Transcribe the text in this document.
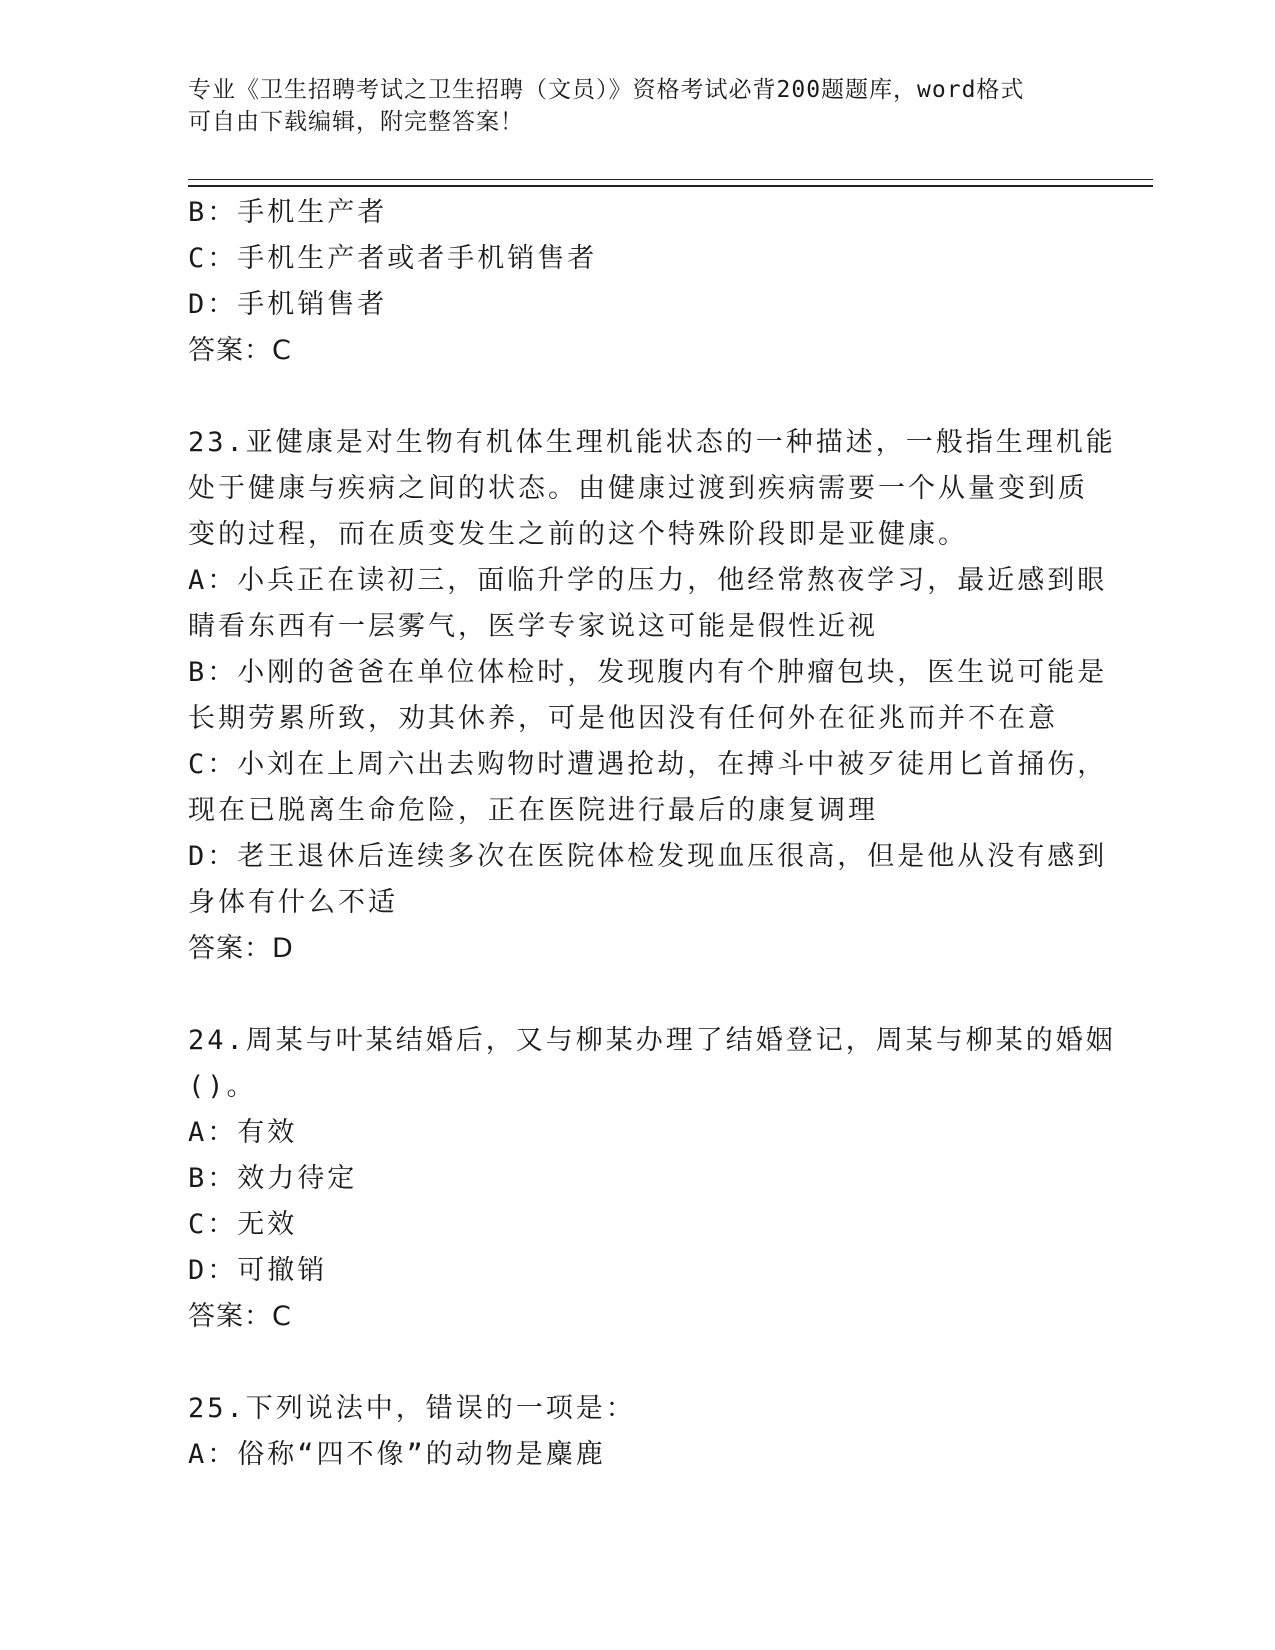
专业《卫生招聘考试之卫生招聘（文员）》资格考试必背200题题库，word格式
可自由下载编辑，附完整答案！
B：手机生产者
C：手机生产者或者手机销售者
D：手机销售者
答案：C
23.亚健康是对生物有机体生理机能状态的一种描述，一般指生理机能
处于健康与疾病之间的状态。由健康过渡到疾病需要一个从量变到质
变的过程，而在质变发生之前的这个特殊阶段即是亚健康。
A：小兵正在读初三，面临升学的压力，他经常熬夜学习，最近感到眼
睛看东西有一层雾气，医学专家说这可能是假性近视
B：小刚的爸爸在单位体检时，发现腹内有个肿瘤包块，医生说可能是
长期劳累所致，劝其休养，可是他因没有任何外在征兆而并不在意
C：小刘在上周六出去购物时遭遇抢劫，在搏斗中被歹徒用匕首捅伤，
现在已脱离生命危险，正在医院进行最后的康复调理
D：老王退休后连续多次在医院体检发现血压很高，但是他从没有感到
身体有什么不适
答案：D
24.周某与叶某结婚后，又与柳某办理了结婚登记，周某与柳某的婚姻
()。
A：有效
B：效力待定
C：无效
D：可撤销
答案：C
25.下列说法中，错误的一项是：
A：俗称“四不像”的动物是麋鹿
